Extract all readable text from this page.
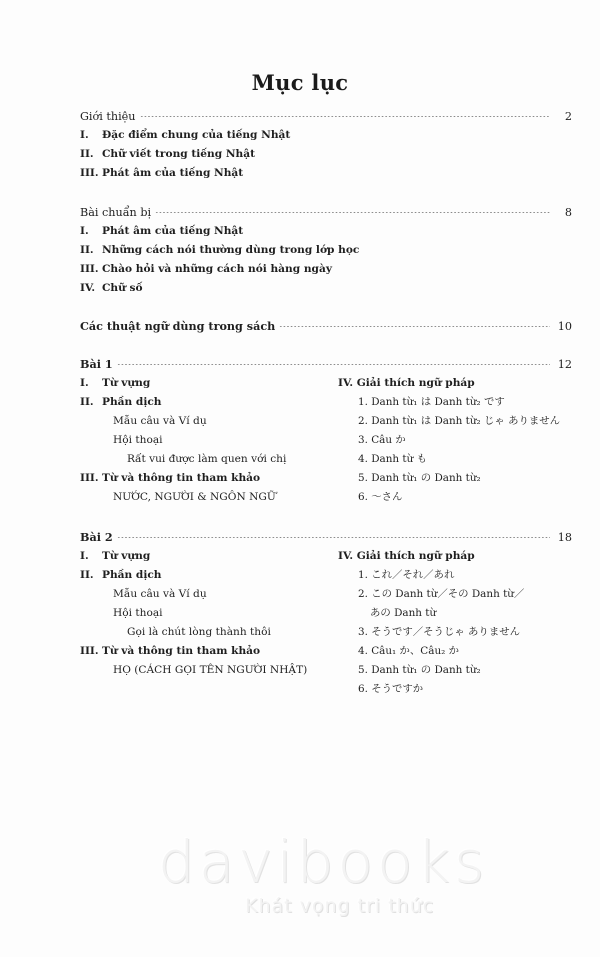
Mục lục
Giới thiệu	2
I.	Đặc điểm chung của tiếng Nhật
II. Chữ viết trong tiếng Nhật
III. Phát âm của tiếng Nhật
Bài chuẩn bị	8
I.	Phát âm của tiếng Nhật
II. Những cách nói thường dùng trong lớp học
III. Chào hỏi và những cách nói hàng ngày
IV. Chữ số
Các thuật ngữ dùng trong sách	10
Bài 1	12
I.	Từ vựng
II. Phần dịch
Mẫu câu và Ví dụ
Hội thoại
Rất vui được làm quen với chị
III. Từ và thông tin tham khảo
NƯỚC, NGƯỜI & NGÔN NGỮ
IV. Giải thích ngữ pháp
1. Danh từ₁ は Danh từ₂ です
2. Danh từ₁ は Danh từ₂ じゃ ありません
3. Câu か
4. Danh từ も
5. Danh từ₁ の Danh từ₂
6. ～さん
Bài 2	18
I.	Từ vựng
II. Phần dịch
Mẫu câu và Ví dụ
Hội thoại
Gọi là chút lòng thành thôi
III. Từ và thông tin tham khảo
HỌ (CÁCH GỌI TÊN NGƯỜI NHẬT)
IV. Giải thích ngữ pháp
1. これ／それ／あれ
2. この Danh từ／その Danh từ／
あの Danh từ
3. そうです／そうじゃ ありません
4. Câu₁ か、Câu₂ か
5. Danh từ₁ の Danh từ₂
6. そうですか
davibooks
Khát vọng tri thức
